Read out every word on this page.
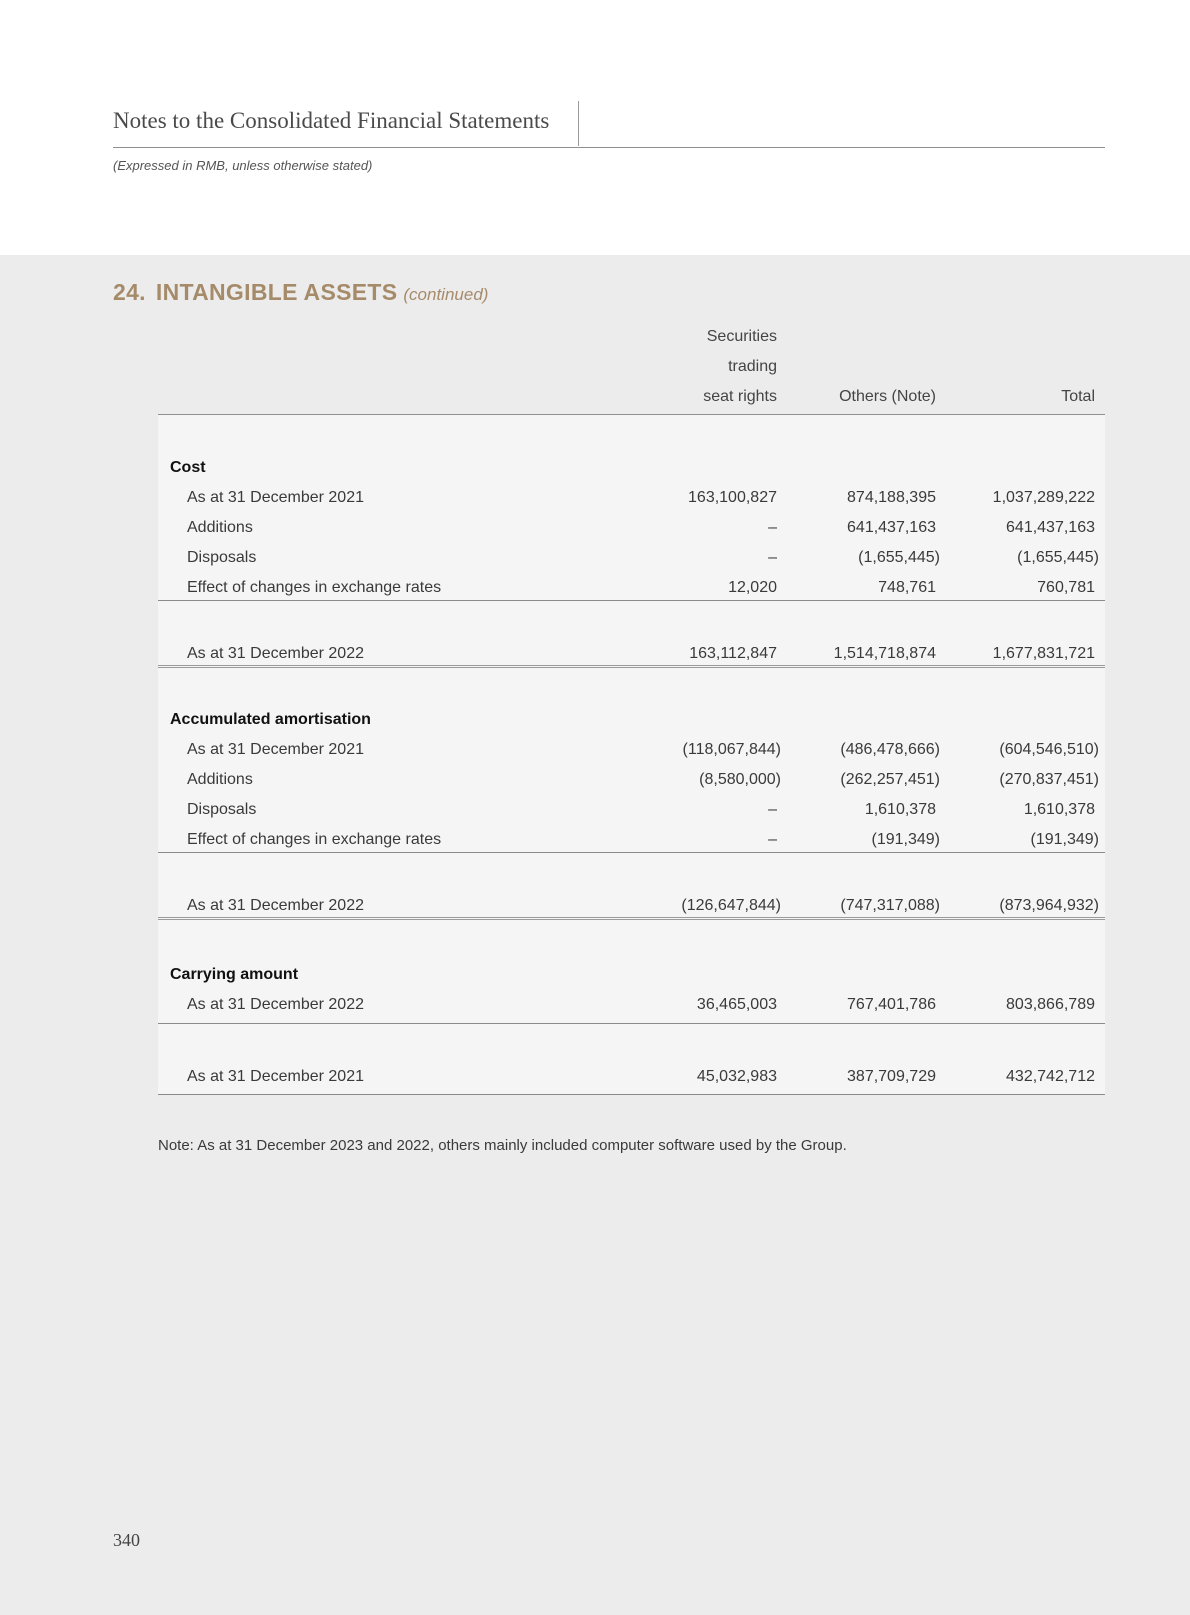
Notes to the Consolidated Financial Statements
(Expressed in RMB, unless otherwise stated)
24. INTANGIBLE ASSETS (continued)
Securities
trading
seat rights	Others (Note)	Total
Cost
As at 31 December 2021	163,100,827	874,188,395	1,037,289,222
Additions	–	641,437,163	641,437,163
Disposals	–	(1,655,445)	(1,655,445)
Effect of changes in exchange rates	12,020	748,761	760,781
As at 31 December 2022	163,112,847	1,514,718,874	1,677,831,721
Accumulated amortisation
As at 31 December 2021	(118,067,844)	(486,478,666)	(604,546,510)
Additions	(8,580,000)	(262,257,451)	(270,837,451)
Disposals	–	1,610,378	1,610,378
Effect of changes in exchange rates	–	(191,349)	(191,349)
As at 31 December 2022	(126,647,844)	(747,317,088)	(873,964,932)
Carrying amount
As at 31 December 2022	36,465,003	767,401,786	803,866,789
As at 31 December 2021	45,032,983	387,709,729	432,742,712
Note: As at 31 December 2023 and 2022, others mainly included computer software used by the Group.
340
